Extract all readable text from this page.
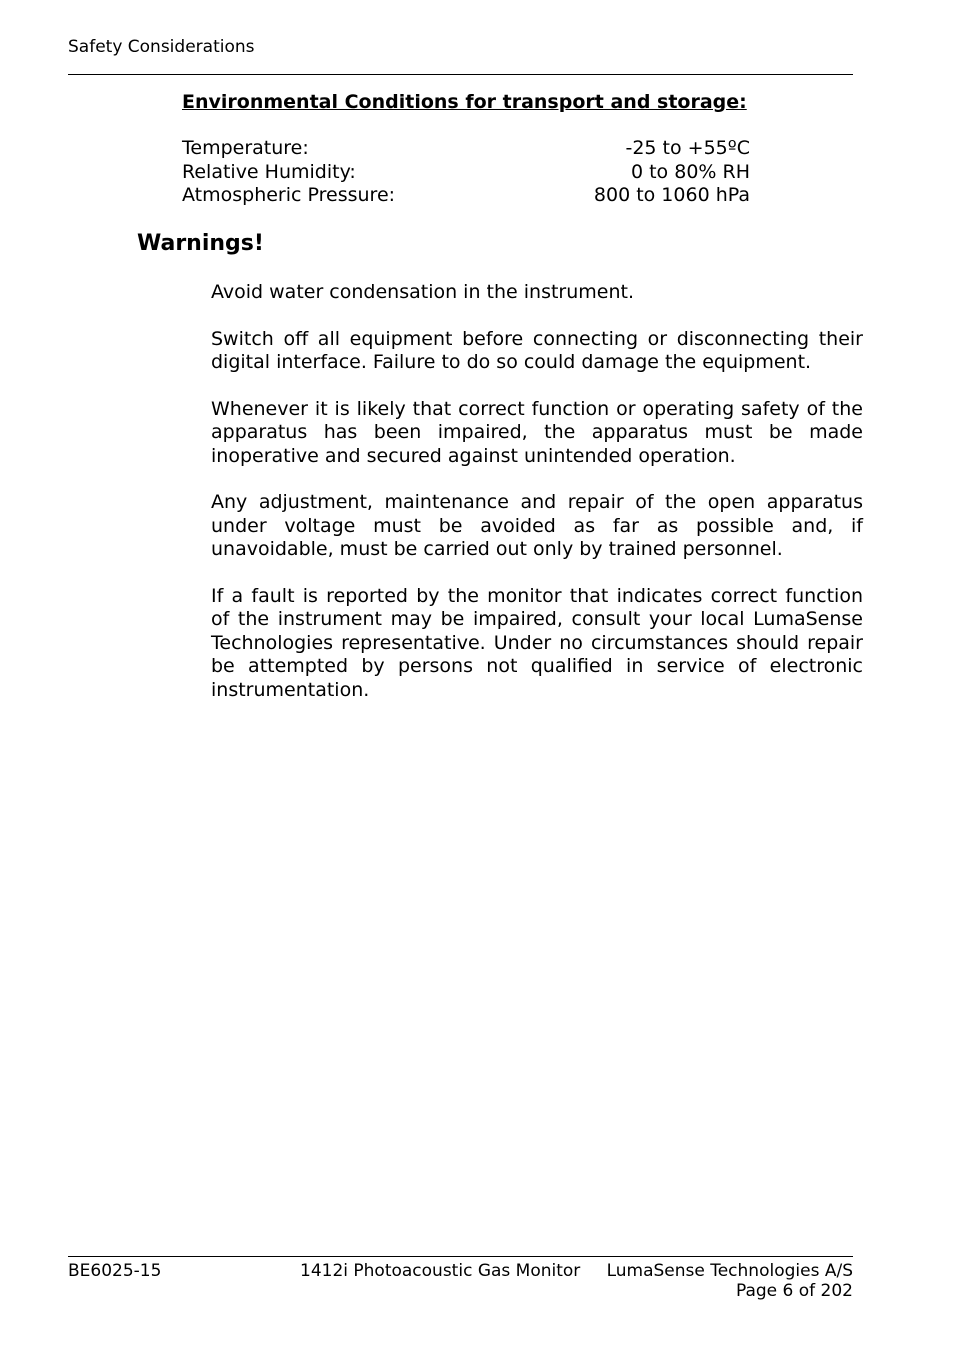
Safety Considerations
Environmental Conditions for transport and storage:
Temperature:	-25 to +55ºC
Relative Humidity:	0 to 80% RH
Atmospheric Pressure:	800 to 1060 hPa
Warnings!

Avoid water condensation in the instrument.

Switch off all equipment before connecting or disconnecting their digital interface. Failure to do so could damage the equipment.

Whenever it is likely that correct function or operating safety of the apparatus has been impaired, the apparatus must be made inoperative and secured against unintended operation.

Any adjustment, maintenance and repair of the open apparatus under voltage must be avoided as far as possible and, if unavoidable, must be carried out only by trained personnel.

If a fault is reported by the monitor that indicates correct function of the instrument may be impaired, consult your local LumaSense Technologies representative. Under no circumstances should repair be attempted by persons not qualified in service of electronic instrumentation.

BE6025-15	1412i Photoacoustic Gas Monitor LumaSense Technologies A/S
Page 6 of 202
